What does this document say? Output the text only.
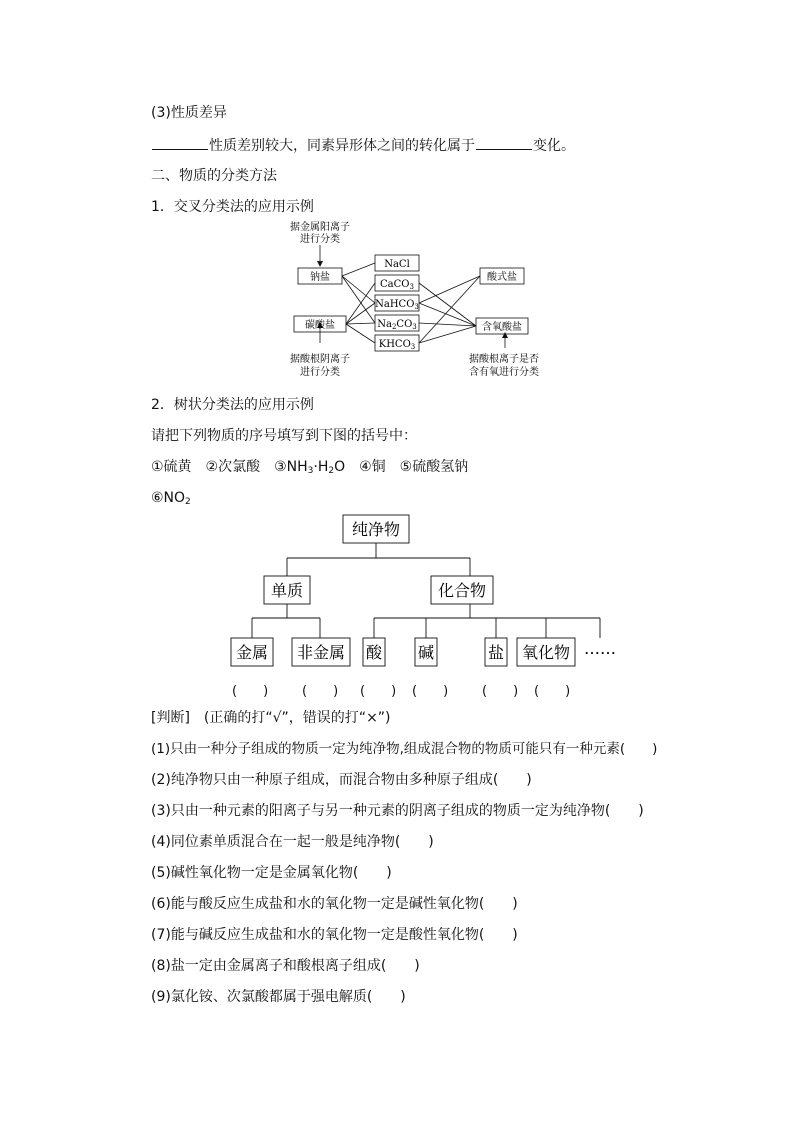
(3)性质差异
性质差别较大，同素异形体之间的转化属于	变化。
二、物质的分类方法
1．交叉分类法的应用示例
据金属阳离子
进行分类
钠盐
碳酸盐
NaCl
CaCO$_3$
NaHCO$_3$
$Na_2CO_3$
$KHCO_3$
酸式盐
含氧酸盐
据酸根阴离子
进行分类
据酸根离子是否
含有氧进行分类
2．树状分类法的应用示例
请把下列物质的序号填写到下图的括号中：
①硫黄　②次氯酸　$③NH_3\cdot H_2O$　④铜　⑤硫酸氢钠
$⑥NO_2$
纯净物
单质	化合物
金属 非金属 酸 碱	盐 氧化物 ……
(　　)	(　　) (　　) (　　)	(　　) (　　)
[判断]　(正确的打“√”，错误的打“×”)
(1)只由一种分子组成的物质一定为纯净物,组成混合物的物质可能只有一种元素(　　)
(2)纯净物只由一种原子组成，而混合物由多种原子组成(　　)
(3)只由一种元素的阳离子与另一种元素的阴离子组成的物质一定为纯净物(　　)
(4)同位素单质混合在一起一般是纯净物(　　)
(5)碱性氧化物一定是金属氧化物(　　)
(6)能与酸反应生成盐和水的氧化物一定是碱性氧化物(　　)
(7)能与碱反应生成盐和水的氧化物一定是酸性氧化物(　　)
(8)盐一定由金属离子和酸根离子组成(　　)
(9)氯化铵、次氯酸都属于强电解质(　　)
